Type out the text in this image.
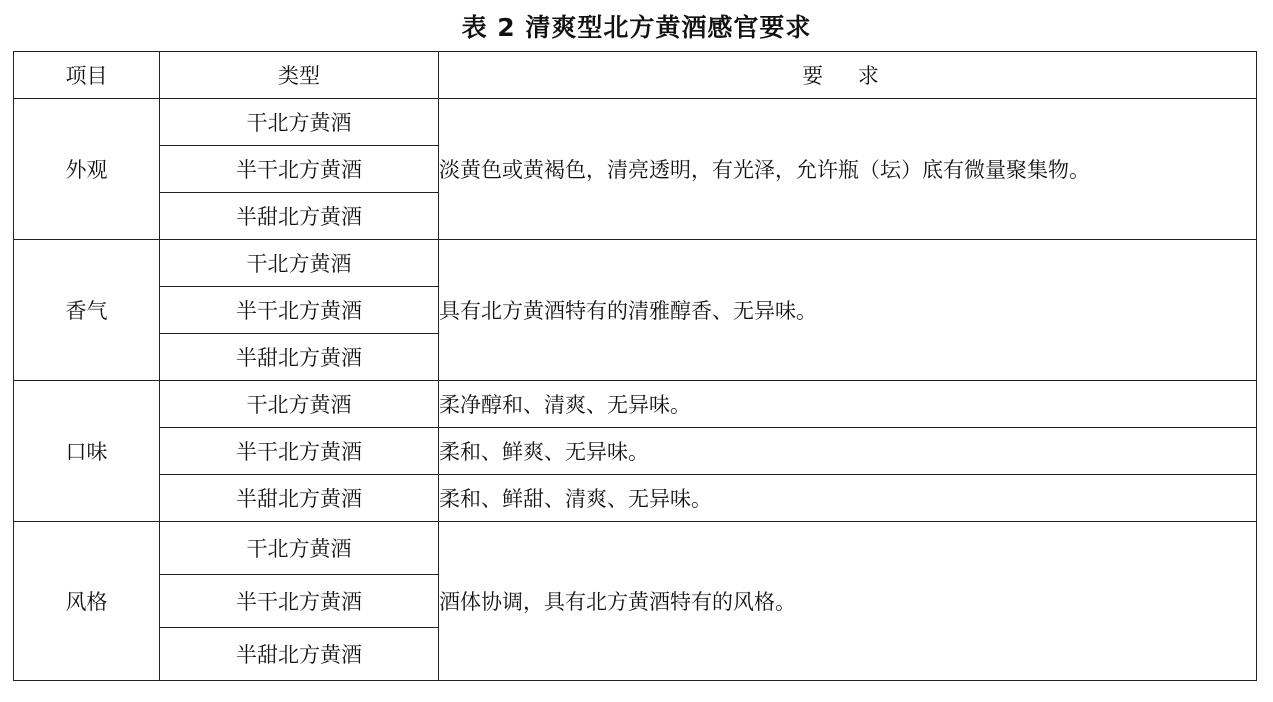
表 2 清爽型北方黄酒感官要求
项目	类型	要 求
外观	干北方黄酒	淡黄色或黄褐色，清亮透明，有光泽，允许瓶（坛）底有微量聚集物。
	半干北方黄酒	
	半甜北方黄酒	
香气	干北方黄酒	具有北方黄酒特有的清雅醇香、无异味。
	半干北方黄酒	
	半甜北方黄酒	
口味	干北方黄酒	柔净醇和、清爽、无异味。
	半干北方黄酒	柔和、鲜爽、无异味。
	半甜北方黄酒	柔和、鲜甜、清爽、无异味。
风格	干北方黄酒	酒体协调，具有北方黄酒特有的风格。
	半干北方黄酒	
	半甜北方黄酒	
